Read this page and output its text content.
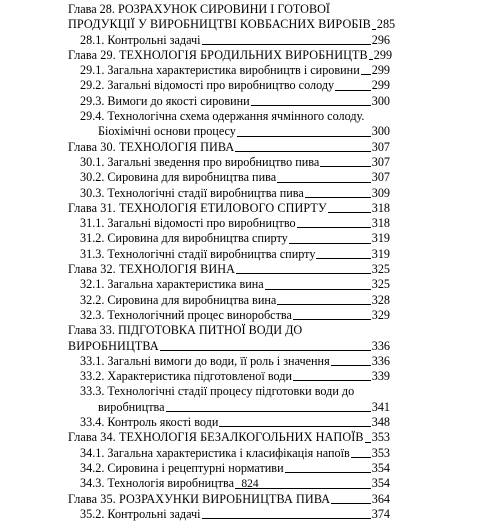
Глава 28. РОЗРАХУНОК СИРОВИНИ І ГОТОВОЇ
ПРОДУКЦІЇ У ВИРОБНИЦТВІ КОВБАСНИХ ВИРОБІВ 285
28.1. Контрольні задачі	296
Глава 29. ТЕХНОЛОГІЯ БРОДИЛЬНИХ ВИРОБНИЦТВ 299
29.1. Загальна характеристика виробництв і сировини 299
29.2. Загальні відомості про виробництво солоду	299
29.3. Вимоги до якості сировини	300
29.4. Технологічна схема одержання ячмінного солоду.
Біохімічні основи процесу	300
Глава 30. ТЕХНОЛОГІЯ ПИВА	307
30.1. Загальні зведення про виробництво пива	307
30.2. Сировина для виробництва пива	307
30.3. Технологічні стадії виробництва пива	309
Глава 31. ТЕХНОЛОГІЯ ЕТИЛОВОГО СПИРТУ	318
31.1. Загальні відомості про виробництво	318
31.2. Сировина для виробництва спирту	319
31.3. Технологічні стадії виробництва спирту	319
Глава 32. ТЕХНОЛОГІЯ ВИНА	325
32.1. Загальна характеристика вина	325
32.2. Сировина для виробництва вина	328
32.3. Технологічний процес виноробства	329
Глава 33. ПІДГОТОВКА ПИТНОЇ ВОДИ ДО
ВИРОБНИЦТВА	336
33.1. Загальні вимоги до води, її роль і значення	336
33.2. Характеристика підготовленої води	339
33.3. Технологічні стадії процесу підготовки води до
виробництва	341
33.4. Контроль якості води	348
Глава 34. ТЕХНОЛОГІЯ БЕЗАЛКОГОЛЬНИХ НАПОЇВ 353
34.1. Загальна характеристика і класифікація напоїв 353
34.2. Сировина і рецептурні нормативи	354
34.3. Технологія виробництва	354
Глава 35. РОЗРАХУНКИ ВИРОБНИЦТВА ПИВА	364
35.2. Контрольні задачі	374
824
